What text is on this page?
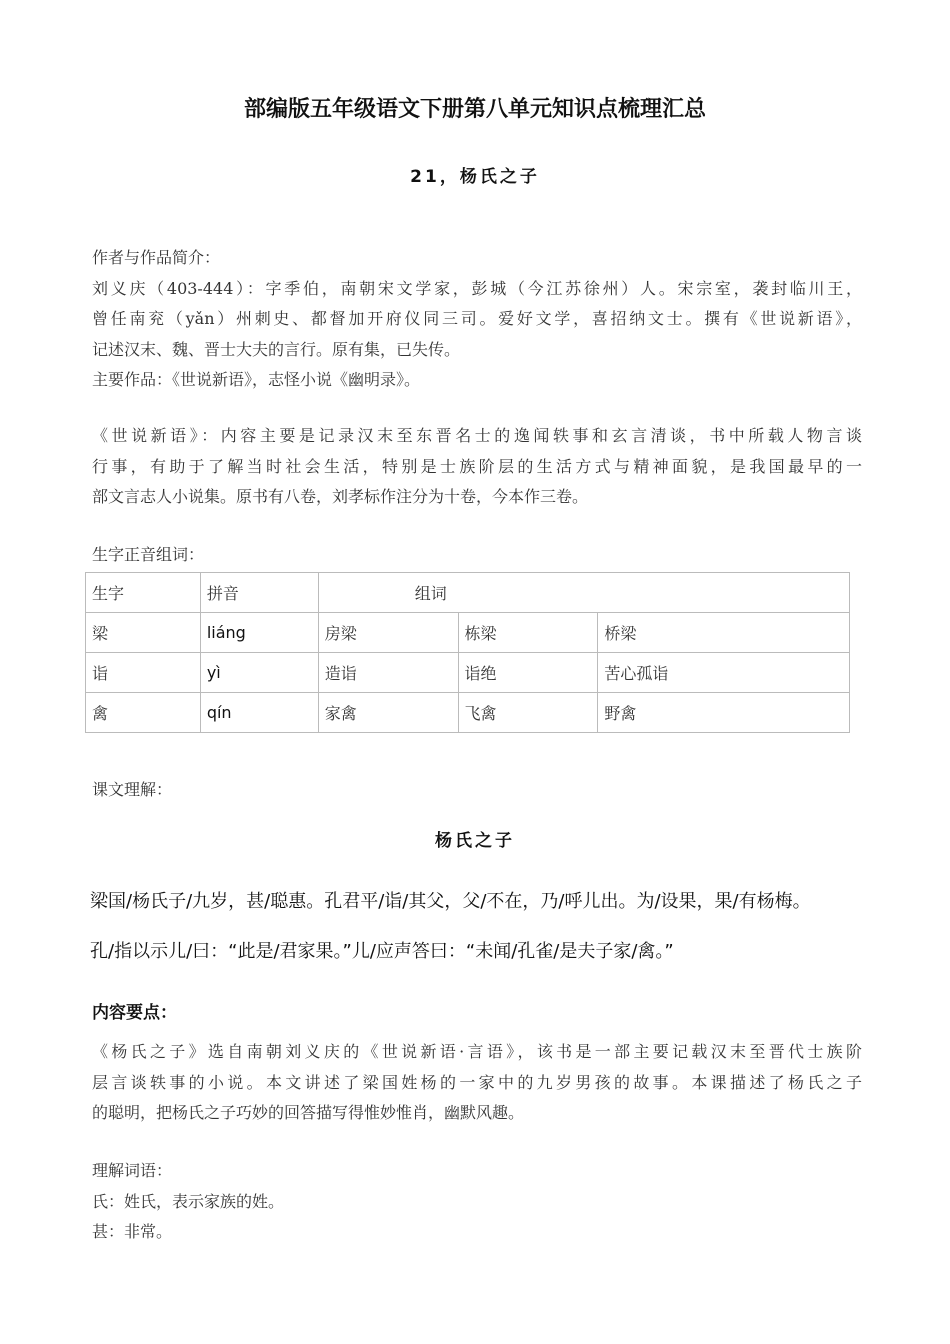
部编版五年级语文下册第八单元知识点梳理汇总
21，杨氏之子
作者与作品简介：
刘义庆（403-444）：字季伯，南朝宋文学家，彭城（今江苏徐州）人。宋宗室，袭封临川王，
曾任南兖（yǎn）州刺史、都督加开府仪同三司。爱好文学，喜招纳文士。撰有《世说新语》，
记述汉末、魏、晋士大夫的言行。原有集，已失传。
主要作品：《世说新语》，志怪小说《幽明录》。
《世说新语》：内容主要是记录汉末至东晋名士的逸闻轶事和玄言清谈，书中所载人物言谈
行事，有助于了解当时社会生活，特别是士族阶层的生活方式与精神面貌，是我国最早的一
部文言志人小说集。原书有八卷，刘孝标作注分为十卷，今本作三卷。
生字正音组词：
生字	拼音	组词		
梁	liáng	房梁	栋梁	桥梁
诣	yì	造诣	诣绝	苦心孤诣
禽	qín	家禽	飞禽	野禽
课文理解：
杨氏之子
梁国/杨氏子/九岁，甚/聪惠。孔君平/诣/其父，父/不在，乃/呼儿出。为/设果，果/有杨梅。
孔/指以示儿/曰：“此是/君家果。”儿/应声答曰：“未闻/孔雀/是夫子家/禽。”
内容要点：
《杨氏之子》选自南朝刘义庆的《世说新语·言语》，该书是一部主要记载汉末至晋代士族阶
层言谈轶事的小说。本文讲述了梁国姓杨的一家中的九岁男孩的故事。本课描述了杨氏之子
的聪明，把杨氏之子巧妙的回答描写得惟妙惟肖，幽默风趣。
理解词语：
氏：姓氏，表示家族的姓。
甚：非常。
